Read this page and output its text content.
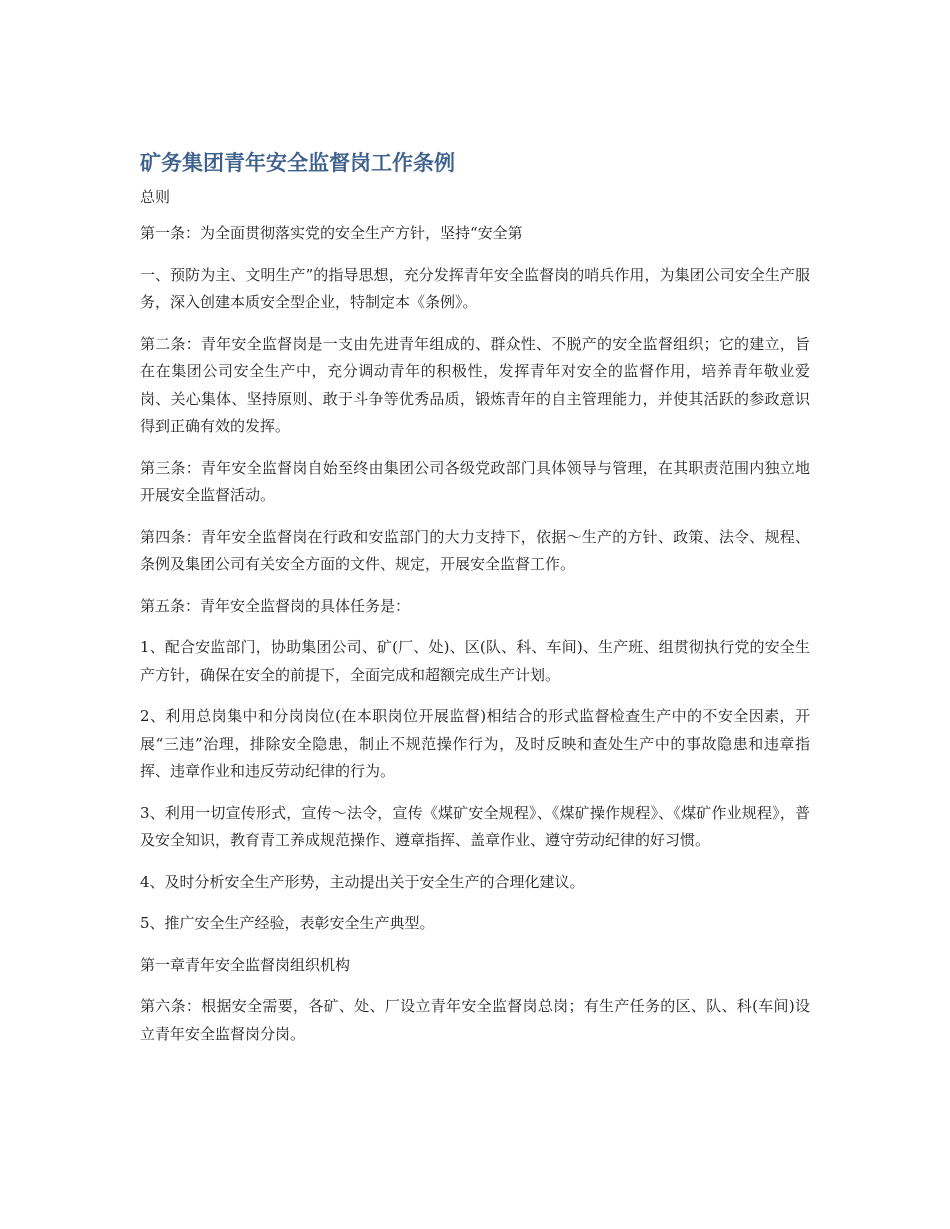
矿务集团青年安全监督岗工作条例
总则

第一条：为全面贯彻落实党的安全生产方针，坚持“安全第

一、预防为主、文明生产”的指导思想，充分发挥青年安全监督岗的哨兵作用，为集团公司安全生产服务，深入创建本质安全型企业，特制定本《条例》。

第二条：青年安全监督岗是一支由先进青年组成的、群众性、不脱产的安全监督组织；它的建立，旨在在集团公司安全生产中，充分调动青年的积极性，发挥青年对安全的监督作用，培养青年敬业爱岗、关心集体、坚持原则、敢于斗争等优秀品质，锻炼青年的自主管理能力，并使其活跃的参政意识得到正确有效的发挥。

第三条：青年安全监督岗自始至终由集团公司各级党政部门具体领导与管理，在其职责范围内独立地开展安全监督活动。

第四条：青年安全监督岗在行政和安监部门的大力支持下，依据～生产的方针、政策、法令、规程、条例及集团公司有关安全方面的文件、规定，开展安全监督工作。

第五条：青年安全监督岗的具体任务是：

1、配合安监部门，协助集团公司、矿(厂、处)、区(队、科、车间)、生产班、组贯彻执行党的安全生产方针，确保在安全的前提下，全面完成和超额完成生产计划。

2、利用总岗集中和分岗岗位(在本职岗位开展监督)相结合的形式监督检查生产中的不安全因素，开展“三违”治理，排除安全隐患，制止不规范操作行为，及时反映和查处生产中的事故隐患和违章指挥、违章作业和违反劳动纪律的行为。

3、利用一切宣传形式，宣传～法令，宣传《煤矿安全规程》、《煤矿操作规程》、《煤矿作业规程》，普及安全知识，教育青工养成规范操作、遵章指挥、盖章作业、遵守劳动纪律的好习惯。

4、及时分析安全生产形势，主动提出关于安全生产的合理化建议。

5、推广安全生产经验，表彰安全生产典型。

第一章青年安全监督岗组织机构

第六条：根据安全需要，各矿、处、厂设立青年安全监督岗总岗；有生产任务的区、队、科(车间)设立青年安全监督岗分岗。
